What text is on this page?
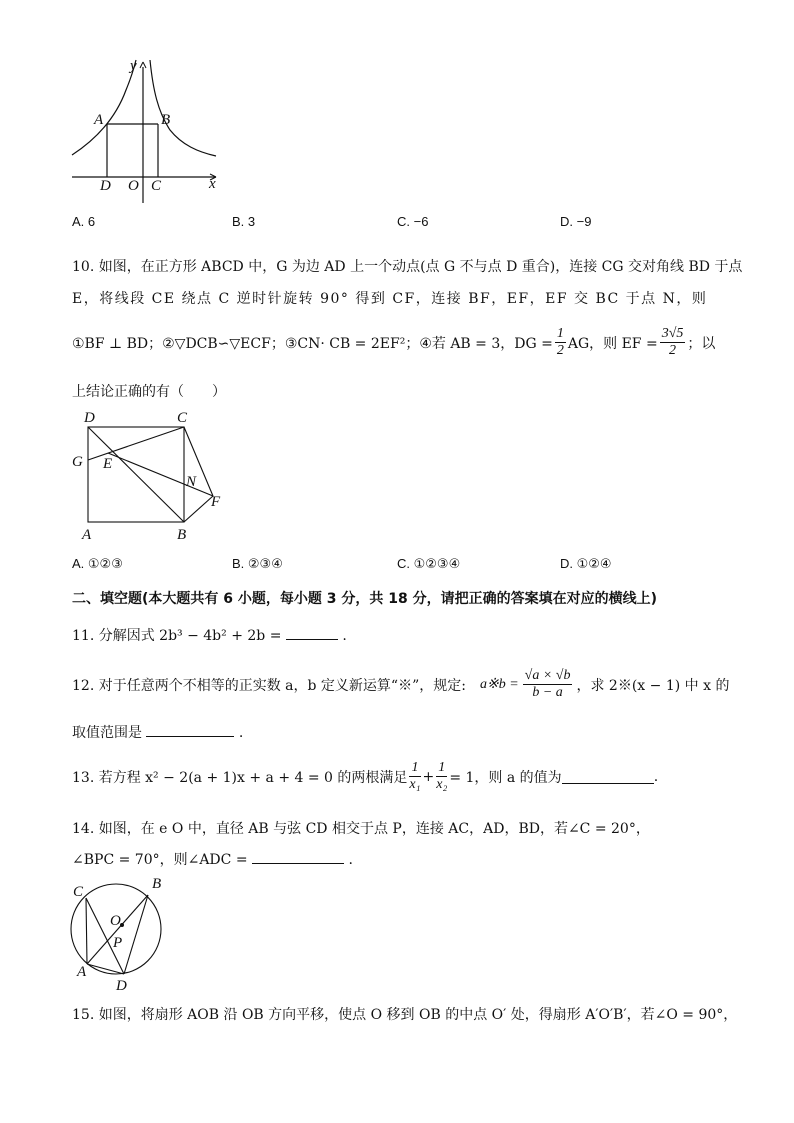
y
x
A	B
D O C
A. 6	B. 3	C. −6	D. −9
10. 如图，在正方形 ABCD 中，G 为边 AD 上一个动点(点 G 不与点 D 重合)，连接 CG 交对角线 BD 于点
E，将线段 CE 绕点 C 逆时针旋转 90° 得到 CF，连接 BF，EF，EF 交 BC 于点 N，则
①BF ⊥ BD；②▽DCB∽▽ECF；③CN· CB = 2EF²；④若 AB = 3，DG = $\frac{1}{2}$ AG，则 EF = $\frac{3√5}{2}$ ；以
上结论正确的有（　　）
D	C
G E
N
F
A	B
A. ①②③	B. ②③④	C. ①②③④	D. ①②④
二、填空题(本大题共有 6 小题，每小题 3 分，共 18 分，请把正确的答案填在对应的横线上)
11. 分解因式 2b³ − 4b² + 2b =	.
12. 对于任意两个不相等的正实数 a，b 定义新运算“※”，规定: a※b = $\frac{√a \times √b}{b - a}$ ，求 2※(x − 1) 中 x 的
取值范围是	.
13. 若方程 x² − 2(a + 1)x + a + 4 = 0 的两根满足 $\frac{1}{\text{x₁}} + \frac{1}{\text{x₂}} = 1$，则 a 的值为	.
14. 如图，在 e O 中，直径 AB 与弦 CD 相交于点 P，连接 AC，AD，BD，若∠C = 20°，
∠BPC = 70°，则∠ADC =	.
C	B
O
P
A
D
15. 如图，将扇形 AOB 沿 OB 方向平移，使点 O 移到 OB 的中点 O′ 处，得扇形 A′O′B′，若∠O = 90°，
